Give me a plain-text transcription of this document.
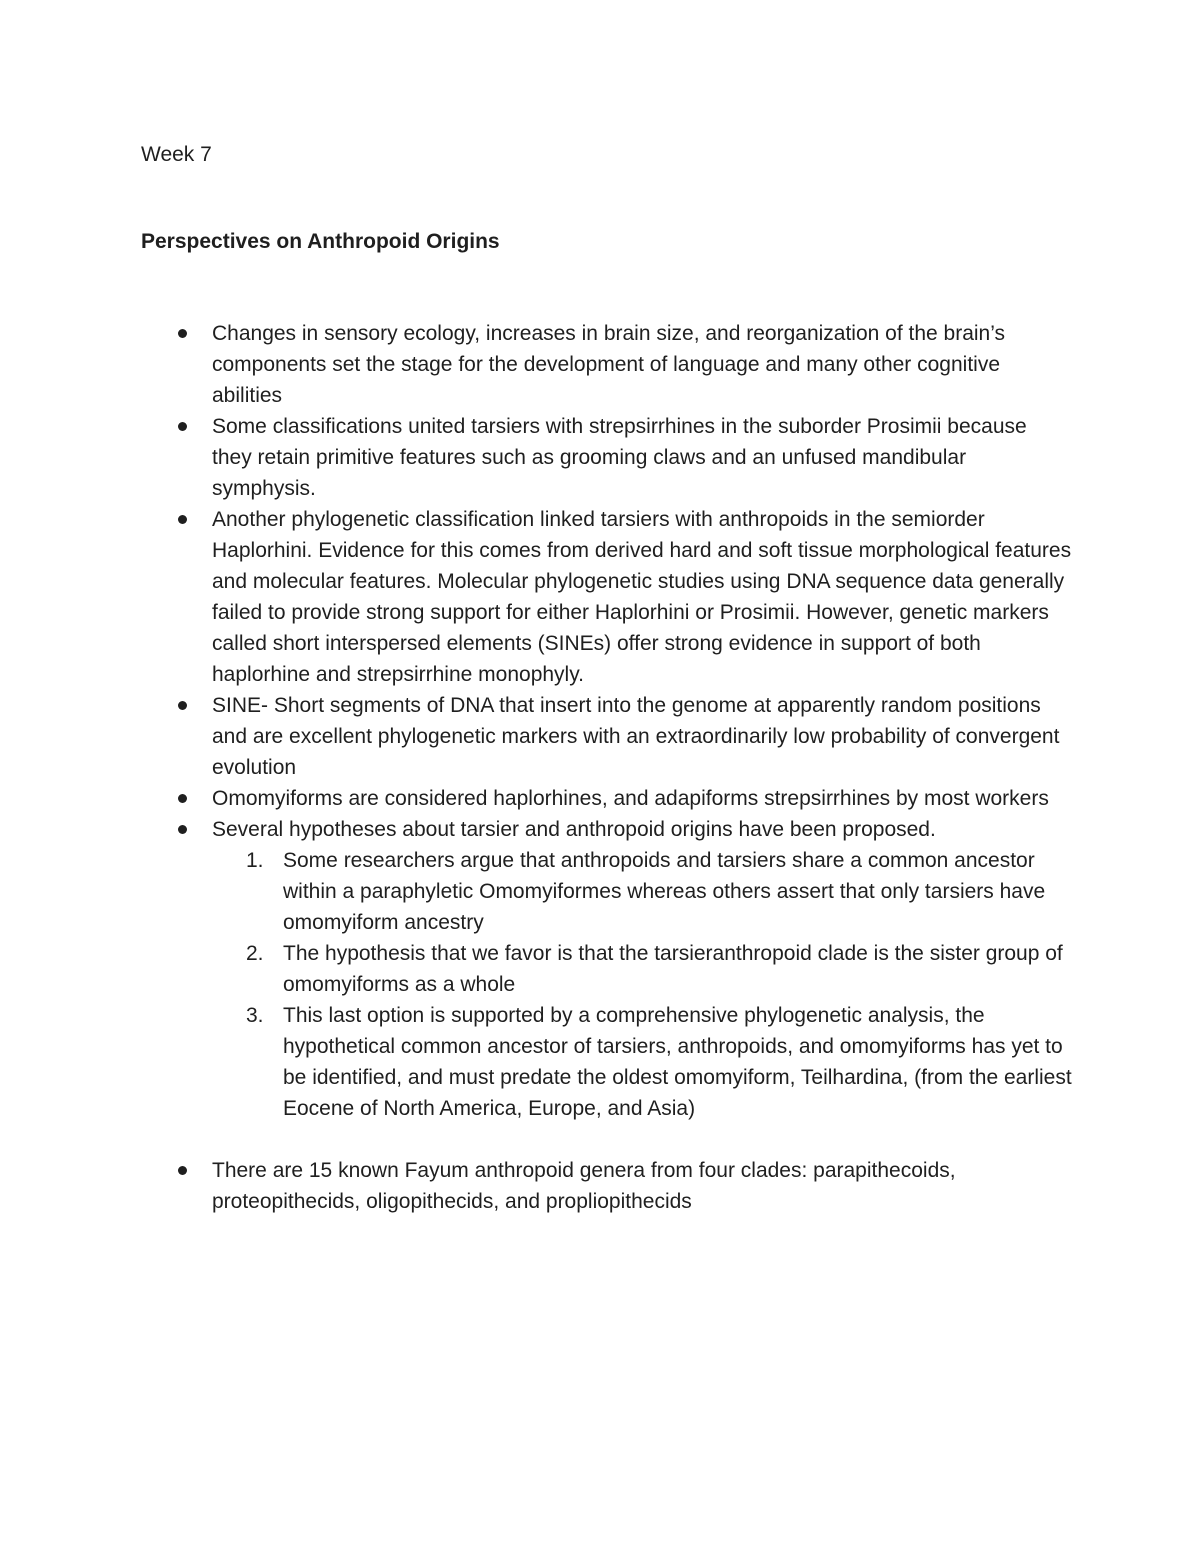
Week 7

Perspectives on Anthropoid Origins

Changes in sensory ecology, increases in brain size, and reorganization of the brain’s components set the stage for the development of language and many other cognitive abilities
Some classifications united tarsiers with strepsirrhines in the suborder Prosimii because they retain primitive features such as grooming claws and an unfused mandibular symphysis.
Another phylogenetic classification linked tarsiers with anthropoids in the semiorder Haplorhini. Evidence for this comes from derived hard and soft tissue morphological features and molecular features. Molecular phylogenetic studies using DNA sequence data generally failed to provide strong support for either Haplorhini or Prosimii. However, genetic markers called short interspersed elements (SINEs) offer strong evidence in support of both haplorhine and strepsirrhine monophyly.
SINE- Short segments of DNA that insert into the genome at apparently random positions and are excellent phylogenetic markers with an extraordinarily low probability of convergent evolution
Omomyiforms are considered haplorhines, and adapiforms strepsirrhines by most workers
Several hypotheses about tarsier and anthropoid origins have been proposed.
1. Some researchers argue that anthropoids and tarsiers share a common ancestor within a paraphyletic Omomyiformes whereas others assert that only tarsiers have omomyiform ancestry
2. The hypothesis that we favor is that the tarsieranthropoid clade is the sister group of omomyiforms as a whole
3. This last option is supported by a comprehensive phylogenetic analysis, the hypothetical common ancestor of tarsiers, anthropoids, and omomyiforms has yet to be identified, and must predate the oldest omomyiform, Teilhardina, (from the earliest Eocene of North America, Europe, and Asia)
There are 15 known Fayum anthropoid genera from four clades: parapithecoids, proteopithecids, oligopithecids, and propliopithecids
